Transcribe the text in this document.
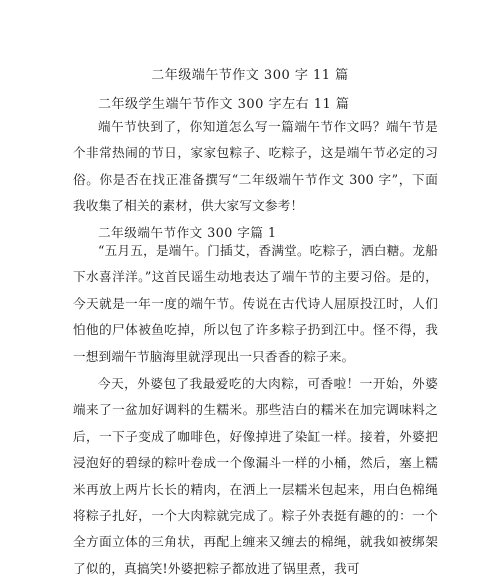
二年级端午节作文 300 字 11 篇
二年级学生端午节作文 300 字左右 11 篇

端午节快到了，你知道怎么写一篇端午节作文吗？端午节是个非常热闹的节日，家家包粽子、吃粽子，这是端午节必定的习俗。你是否在找正准备撰写“二年级端午节作文 300 字”，下面我收集了相关的素材，供大家写文参考！

二年级端午节作文 300 字篇 1

“五月五，是端午。门插艾，香满堂。吃粽子，洒白糖。龙船下水喜洋洋。”这首民谣生动地表达了端午节的主要习俗。是的，今天就是一年一度的端午节。传说在古代诗人屈原投江时，人们怕他的尸体被鱼吃掉，所以包了许多粽子扔到江中。怪不得，我一想到端午节脑海里就浮现出一只香香的粽子来。

今天，外婆包了我最爱吃的大肉粽，可香啦！一开始，外婆端来了一盆加好调料的生糯米。那些洁白的糯米在加完调味料之后，一下子变成了咖啡色，好像掉进了染缸一样。接着，外婆把浸泡好的碧绿的粽叶卷成一个像漏斗一样的小桶，然后，塞上糯米再放上两片长长的精肉，在洒上一层糯米包起来，用白色棉绳将粽子扎好，一个大肉粽就完成了。粽子外表挺有趣的的：一个全方面立体的三角状，再配上缠来又缠去的棉绳，就我如被绑架了似的，真搞笑!外婆把粽子都放进了锅里煮，我可
